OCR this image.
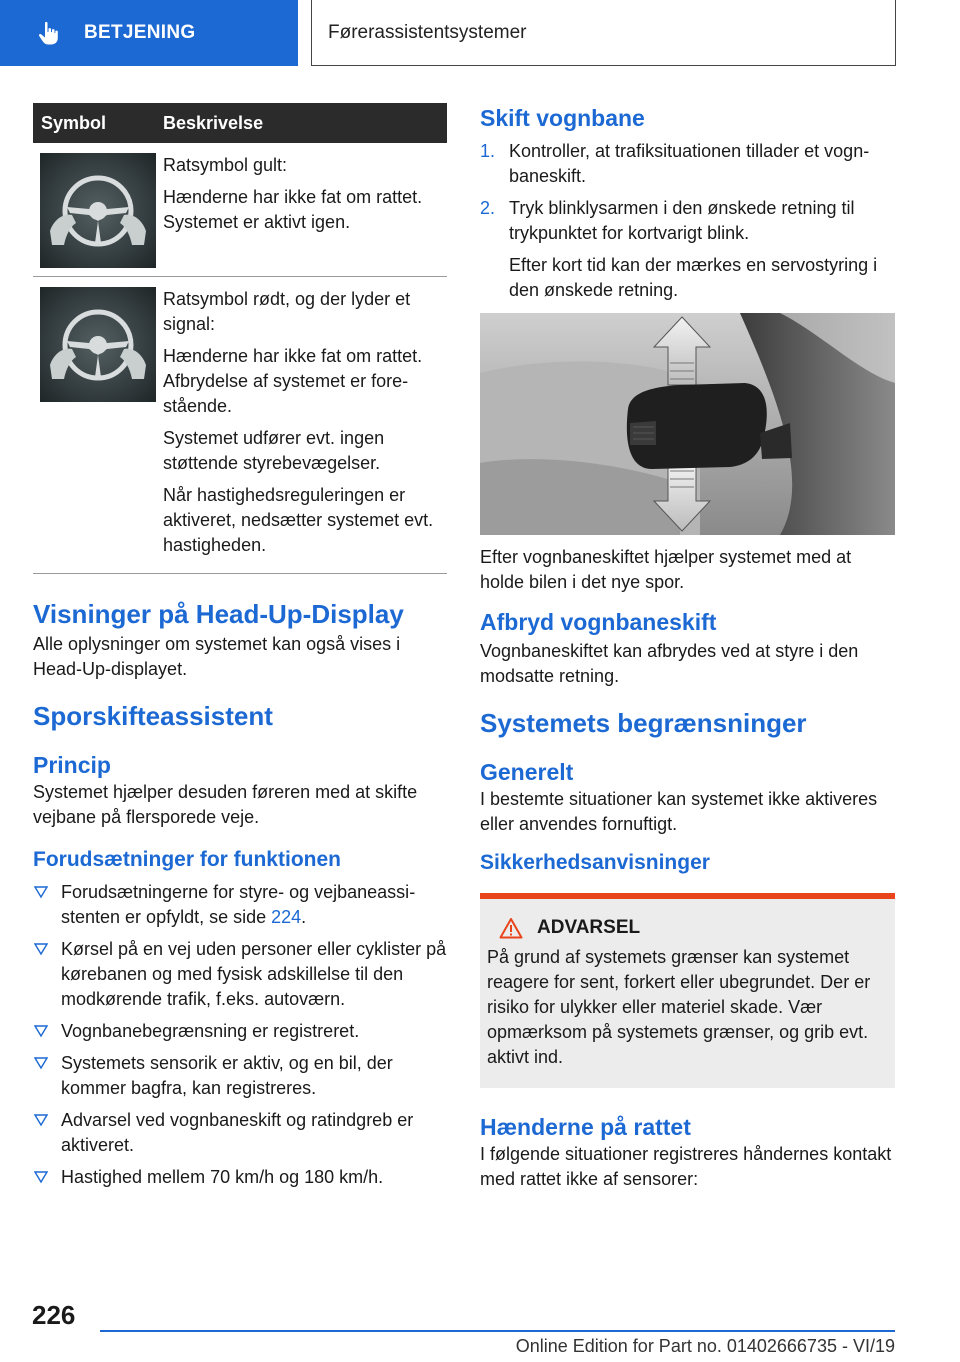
BETJENING	Førerassistentsystemer
Symbol	Beskrivelse

Ratsymbol gult:

Hænderne har ikke fat om rattet. Systemet er aktivt igen.

Ratsymbol rødt, og der lyder et signal:

Hænderne har ikke fat om rattet. Afbrydelse af systemet er forestående.

Systemet udfører evt. ingen støttende styrebevægelser.

Når hastighedsreguleringen er aktiveret, nedsætter systemet evt. hastigheden.

Visninger på Head-Up-Display

Alle oplysninger om systemet kan også vises i Head-Up-displayet.

Sporskifteassistent
Princip

Systemet hjælper desuden føreren med at skifte vejbane på flersporede veje.

Forudsætninger for funktionen
Forudsætningerne for styre- og vejbaneassistenten er opfyldt, se side 224.
Kørsel på en vej uden personer eller cyklister på kørebanen og med fysisk adskillelse til den modkørende trafik, f.eks. autoværn.
Vognbanebegrænsning er registreret.
Systemets sensorik er aktiv, og en bil, der kommer bagfra, kan registreres.
Advarsel ved vognbaneskift og ratindgreb er aktiveret.
Hastighed mellem 70 km/h og 180 km/h.
Skift vognbane
1. Kontroller, at trafiksituationen tillader et vognbaneskift.

2. Tryk blinklysarmen i den ønskede retning til trykpunktet for kortvarigt blink.

Efter kort tid kan der mærkes en servostyring i den ønskede retning.

Efter vognbaneskiftet hjælper systemet med at holde bilen i det nye spor.

Afbryd vognbaneskift

Vognbaneskiftet kan afbrydes ved at styre i den modsatte retning.

Systemets begrænsninger
Generelt

I bestemte situationer kan systemet ikke aktiveres eller anvendes fornuftigt.

Sikkerhedsanvisninger
ADVARSEL

På grund af systemets grænser kan systemet reagere for sent, forkert eller ubegrundet. Der er risiko for ulykker eller materiel skade. Vær opmærksom på systemets grænser, og grib evt. aktivt ind.

Hænderne på rattet

I følgende situationer registreres håndernes kontakt med rattet ikke af sensorer:

226
Online Edition for Part no. 01402666735 - VI/19
